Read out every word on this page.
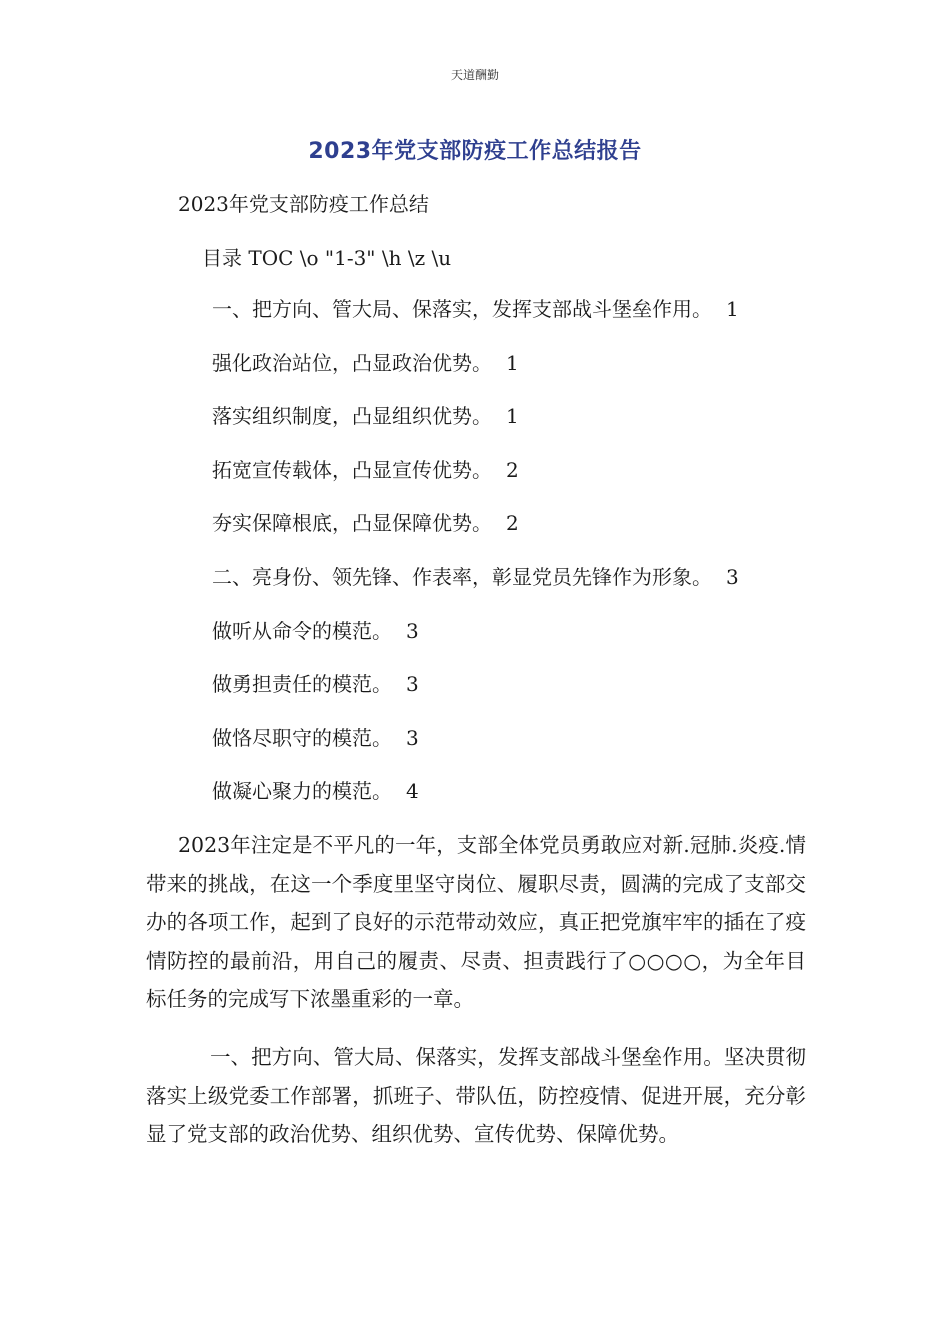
天道酬勤
2023年党支部防疫工作总结报告
2023年党支部防疫工作总结
目录 TOC \o "1-3" \h \z \u
一、把方向、管大局、保落实，发挥支部战斗堡垒作用。 1
强化政治站位，凸显政治优势。 1
落实组织制度，凸显组织优势。 1
拓宽宣传载体，凸显宣传优势。 2
夯实保障根底，凸显保障优势。 2
二、亮身份、领先锋、作表率，彰显党员先锋作为形象。 3
做听从命令的模范。 3
做勇担责任的模范。 3
做恪尽职守的模范。 3
做凝心聚力的模范。 4

2023年注定是不平凡的一年，支部全体党员勇敢应对新.冠肺.炎疫.情带来的挑战，在这一个季度里坚守岗位、履职尽责，圆满的完成了支部交办的各项工作，起到了良好的示范带动效应，真正把党旗牢牢的插在了疫情防控的最前沿，用自己的履责、尽责、担责践行了○○○○，为全年目标任务的完成写下浓墨重彩的一章。

一、把方向、管大局、保落实，发挥支部战斗堡垒作用。坚决贯彻落实上级党委工作部署，抓班子、带队伍，防控疫情、促进开展，充分彰显了党支部的政治优势、组织优势、宣传优势、保障优势。
